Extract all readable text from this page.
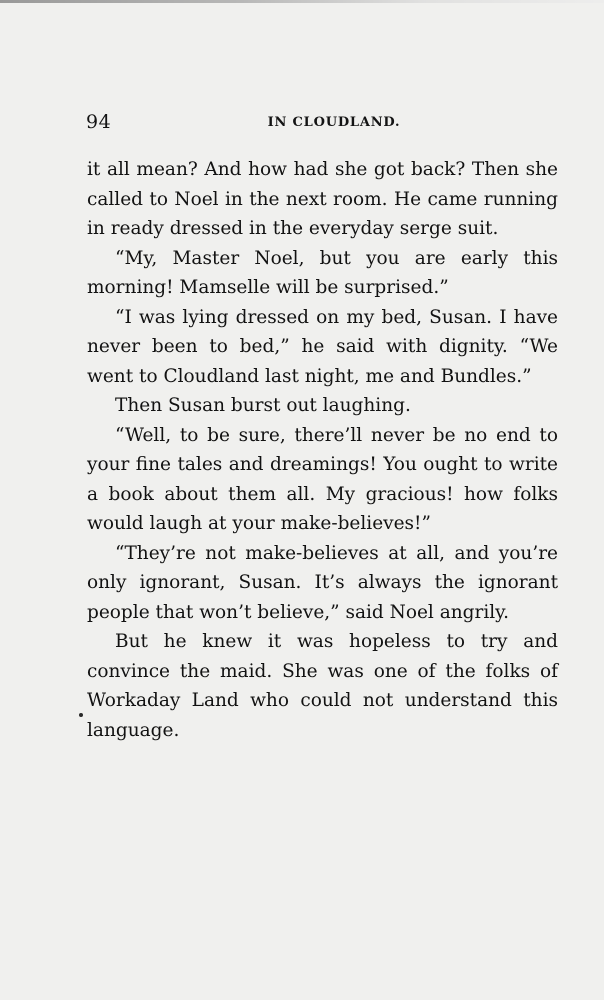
94	IN CLOUDLAND.

it all mean? And how had she got back? Then she called to Noel in the next room. He came running in ready dressed in the everyday serge suit.

“My, Master Noel, but you are early this morning! Mamselle will be surprised.”

“I was lying dressed on my bed, Susan. I have never been to bed,” he said with dignity. “We went to Cloudland last night, me and Bundles.”

Then Susan burst out laughing.

“Well, to be sure, there’ll never be no end to your fine tales and dreamings! You ought to write a book about them all. My gracious! how folks would laugh at your make-believes!”

“They’re not make-believes at all, and you’re only ignorant, Susan. It’s always the ignorant people that won’t believe,” said Noel angrily.

But he knew it was hopeless to try and convince the maid. She was one of the folks of Workaday Land who could not understand this language.
